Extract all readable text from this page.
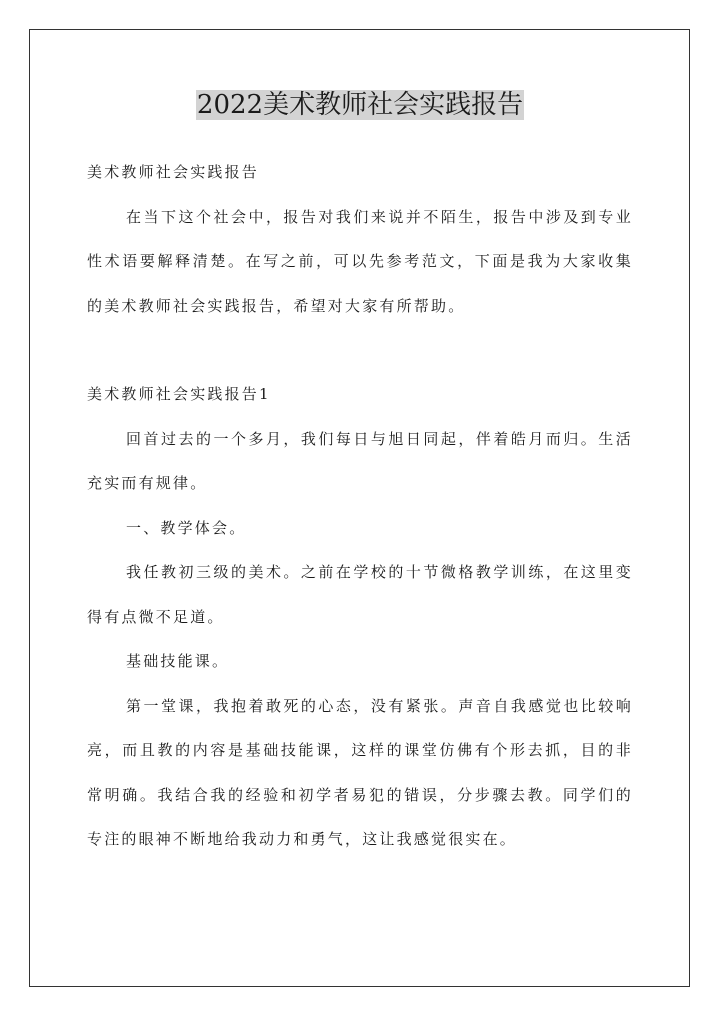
2022美术教师社会实践报告

美术教师社会实践报告

在当下这个社会中，报告对我们来说并不陌生，报告中涉及到专业性术语要解释清楚。在写之前，可以先参考范文，下面是我为大家收集的美术教师社会实践报告，希望对大家有所帮助。

美术教师社会实践报告1

回首过去的一个多月，我们每日与旭日同起，伴着皓月而归。生活充实而有规律。

一、教学体会。

我任教初三级的美术。之前在学校的十节微格教学训练，在这里变得有点微不足道。

基础技能课。

第一堂课，我抱着敢死的心态，没有紧张。声音自我感觉也比较响亮，而且教的内容是基础技能课，这样的课堂仿佛有个形去抓，目的非常明确。我结合我的经验和初学者易犯的错误，分步骤去教。同学们的专注的眼神不断地给我动力和勇气，这让我感觉很实在。
